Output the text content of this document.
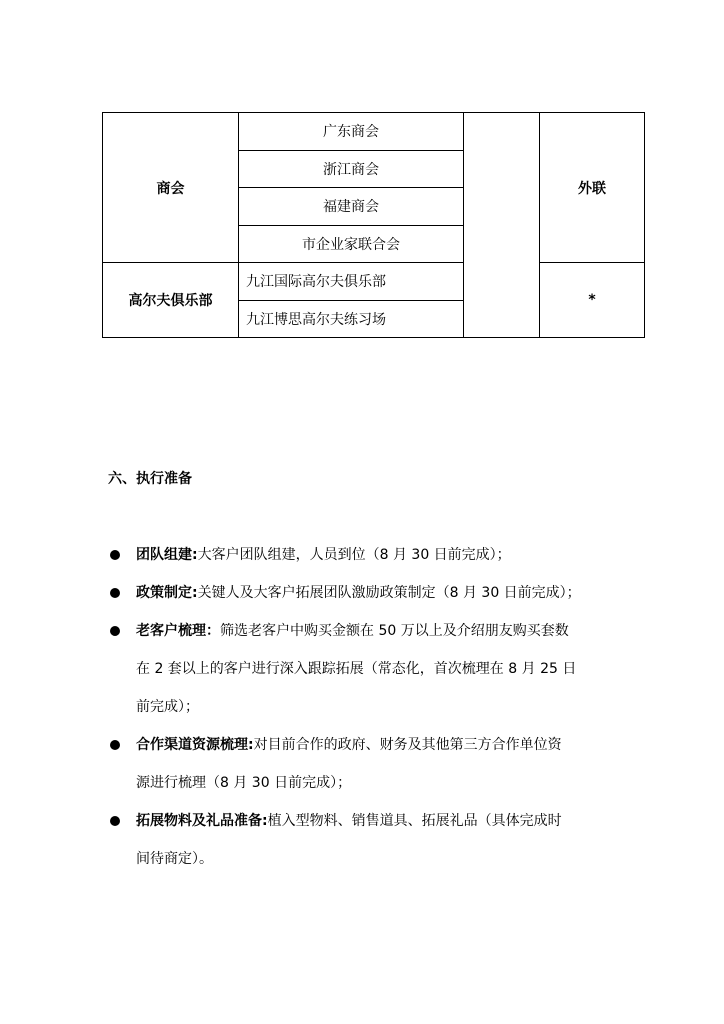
商会	广东商会		外联
	浙江商会		
	福建商会		
	市企业家联合会		
高尔夫俱乐部	九江国际高尔夫俱乐部		*
	九江博思高尔夫练习场		
六、执行准备
团队组建:大客户团队组建，人员到位（8 月 30 日前完成）；
政策制定:关键人及大客户拓展团队激励政策制定（8 月 30 日前完成）；
老客户梳理：筛选老客户中购买金额在 50 万以上及介绍朋友购买套数
在 2 套以上的客户进行深入跟踪拓展（常态化，首次梳理在 8 月 25 日
前完成）；
合作渠道资源梳理:对目前合作的政府、财务及其他第三方合作单位资
源进行梳理（8 月 30 日前完成）；
拓展物料及礼品准备:植入型物料、销售道具、拓展礼品（具体完成时
间待商定）。
